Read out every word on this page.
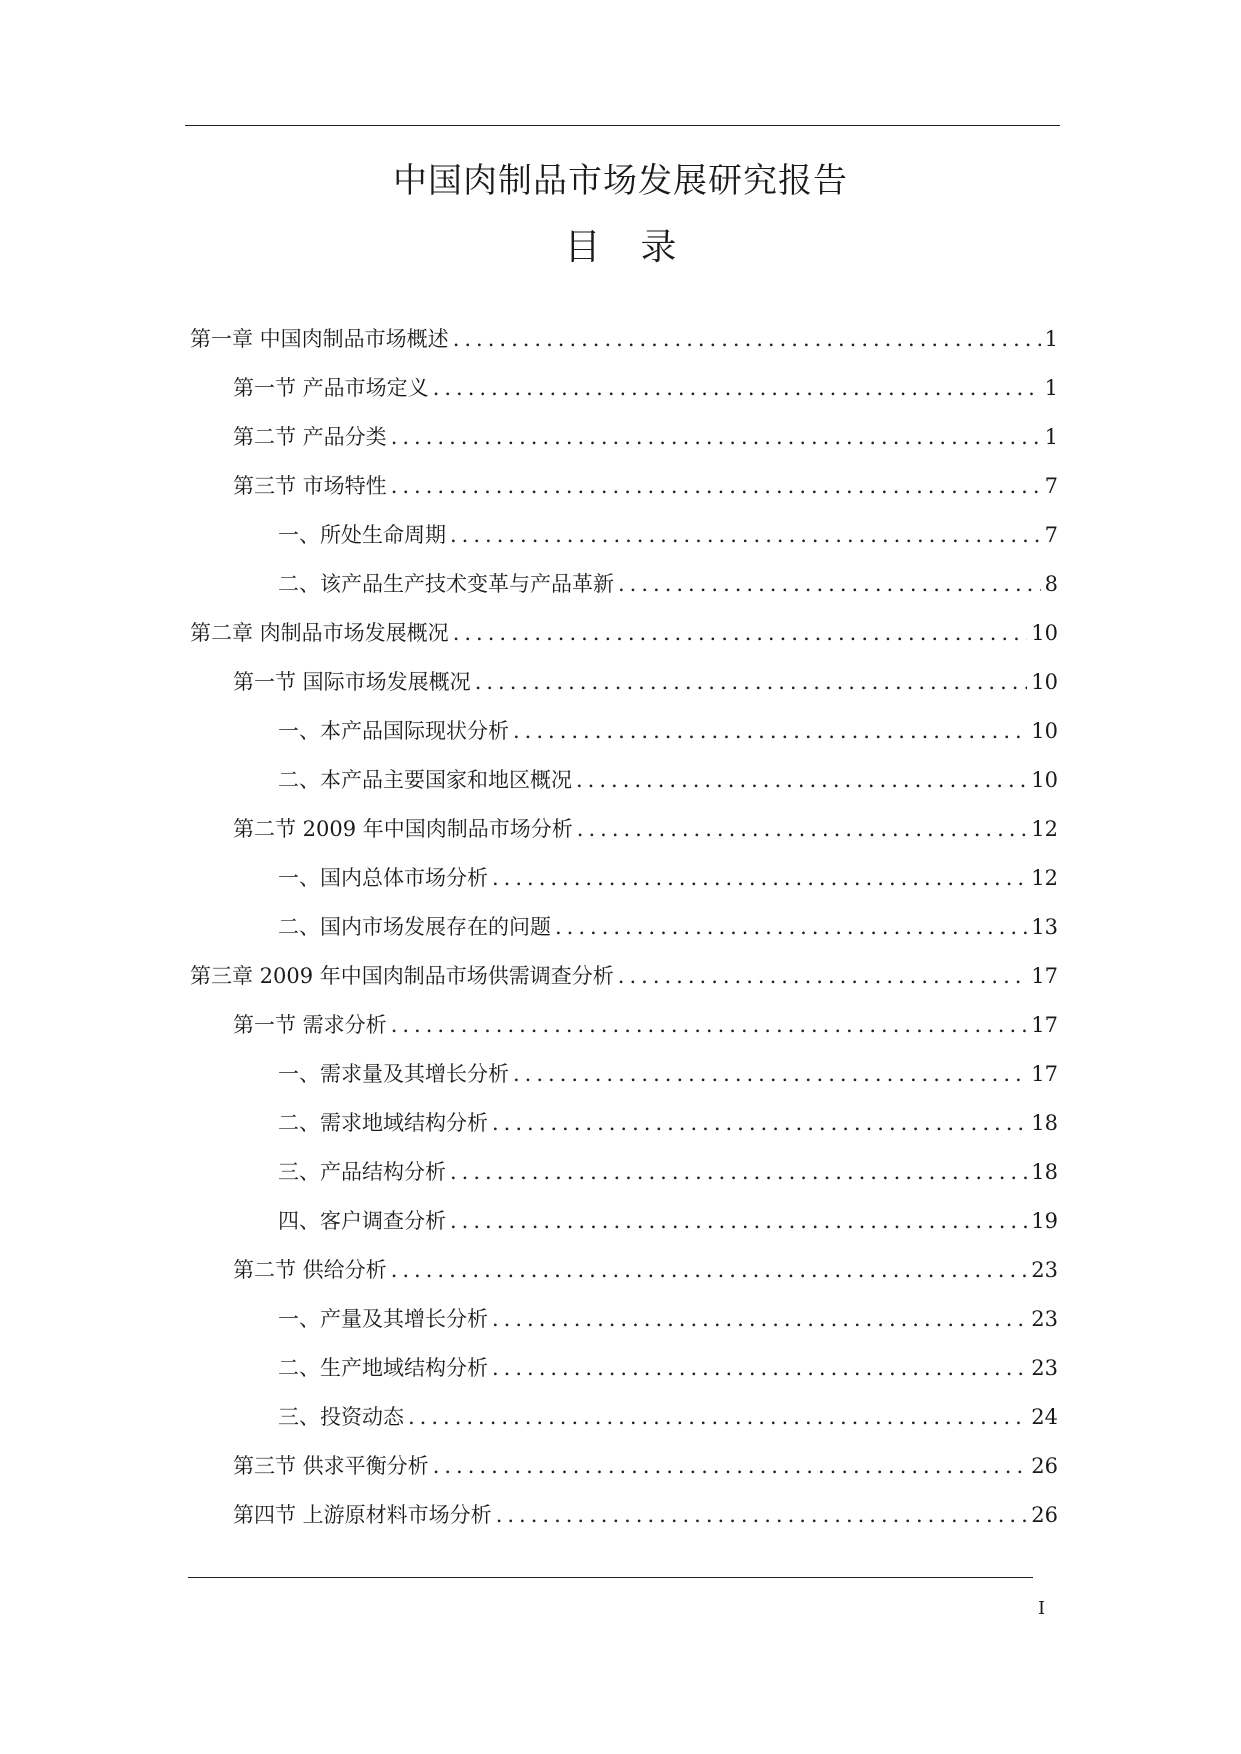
中国肉制品市场发展研究报告
目 录
第一章 中国肉制品市场概述 .....	1
第一节 产品市场定义 .....	1
第二节 产品分类 .....	1
第三节 市场特性 .....	7
一、所处生命周期 .....	7
二、该产品生产技术变革与产品革新 .....	8
第二章 肉制品市场发展概况 .....	10
第一节 国际市场发展概况 .....	10
一、本产品国际现状分析 .....	10
二、本产品主要国家和地区概况 .....	10
第二节 2009 年中国肉制品市场分析 .....	12
一、国内总体市场分析 .....	12
二、国内市场发展存在的问题 .....	13
第三章 2009 年中国肉制品市场供需调查分析 .....	17
第一节 需求分析 .....	17
一、需求量及其增长分析 .....	17
二、需求地域结构分析 .....	18
三、产品结构分析 .....	18
四、客户调查分析 .....	19
第二节 供给分析 .....	23
一、产量及其增长分析 .....	23
二、生产地域结构分析 .....	23
三、投资动态 .....	24
第三节 供求平衡分析 .....	26
第四节 上游原材料市场分析 .....	26
I
